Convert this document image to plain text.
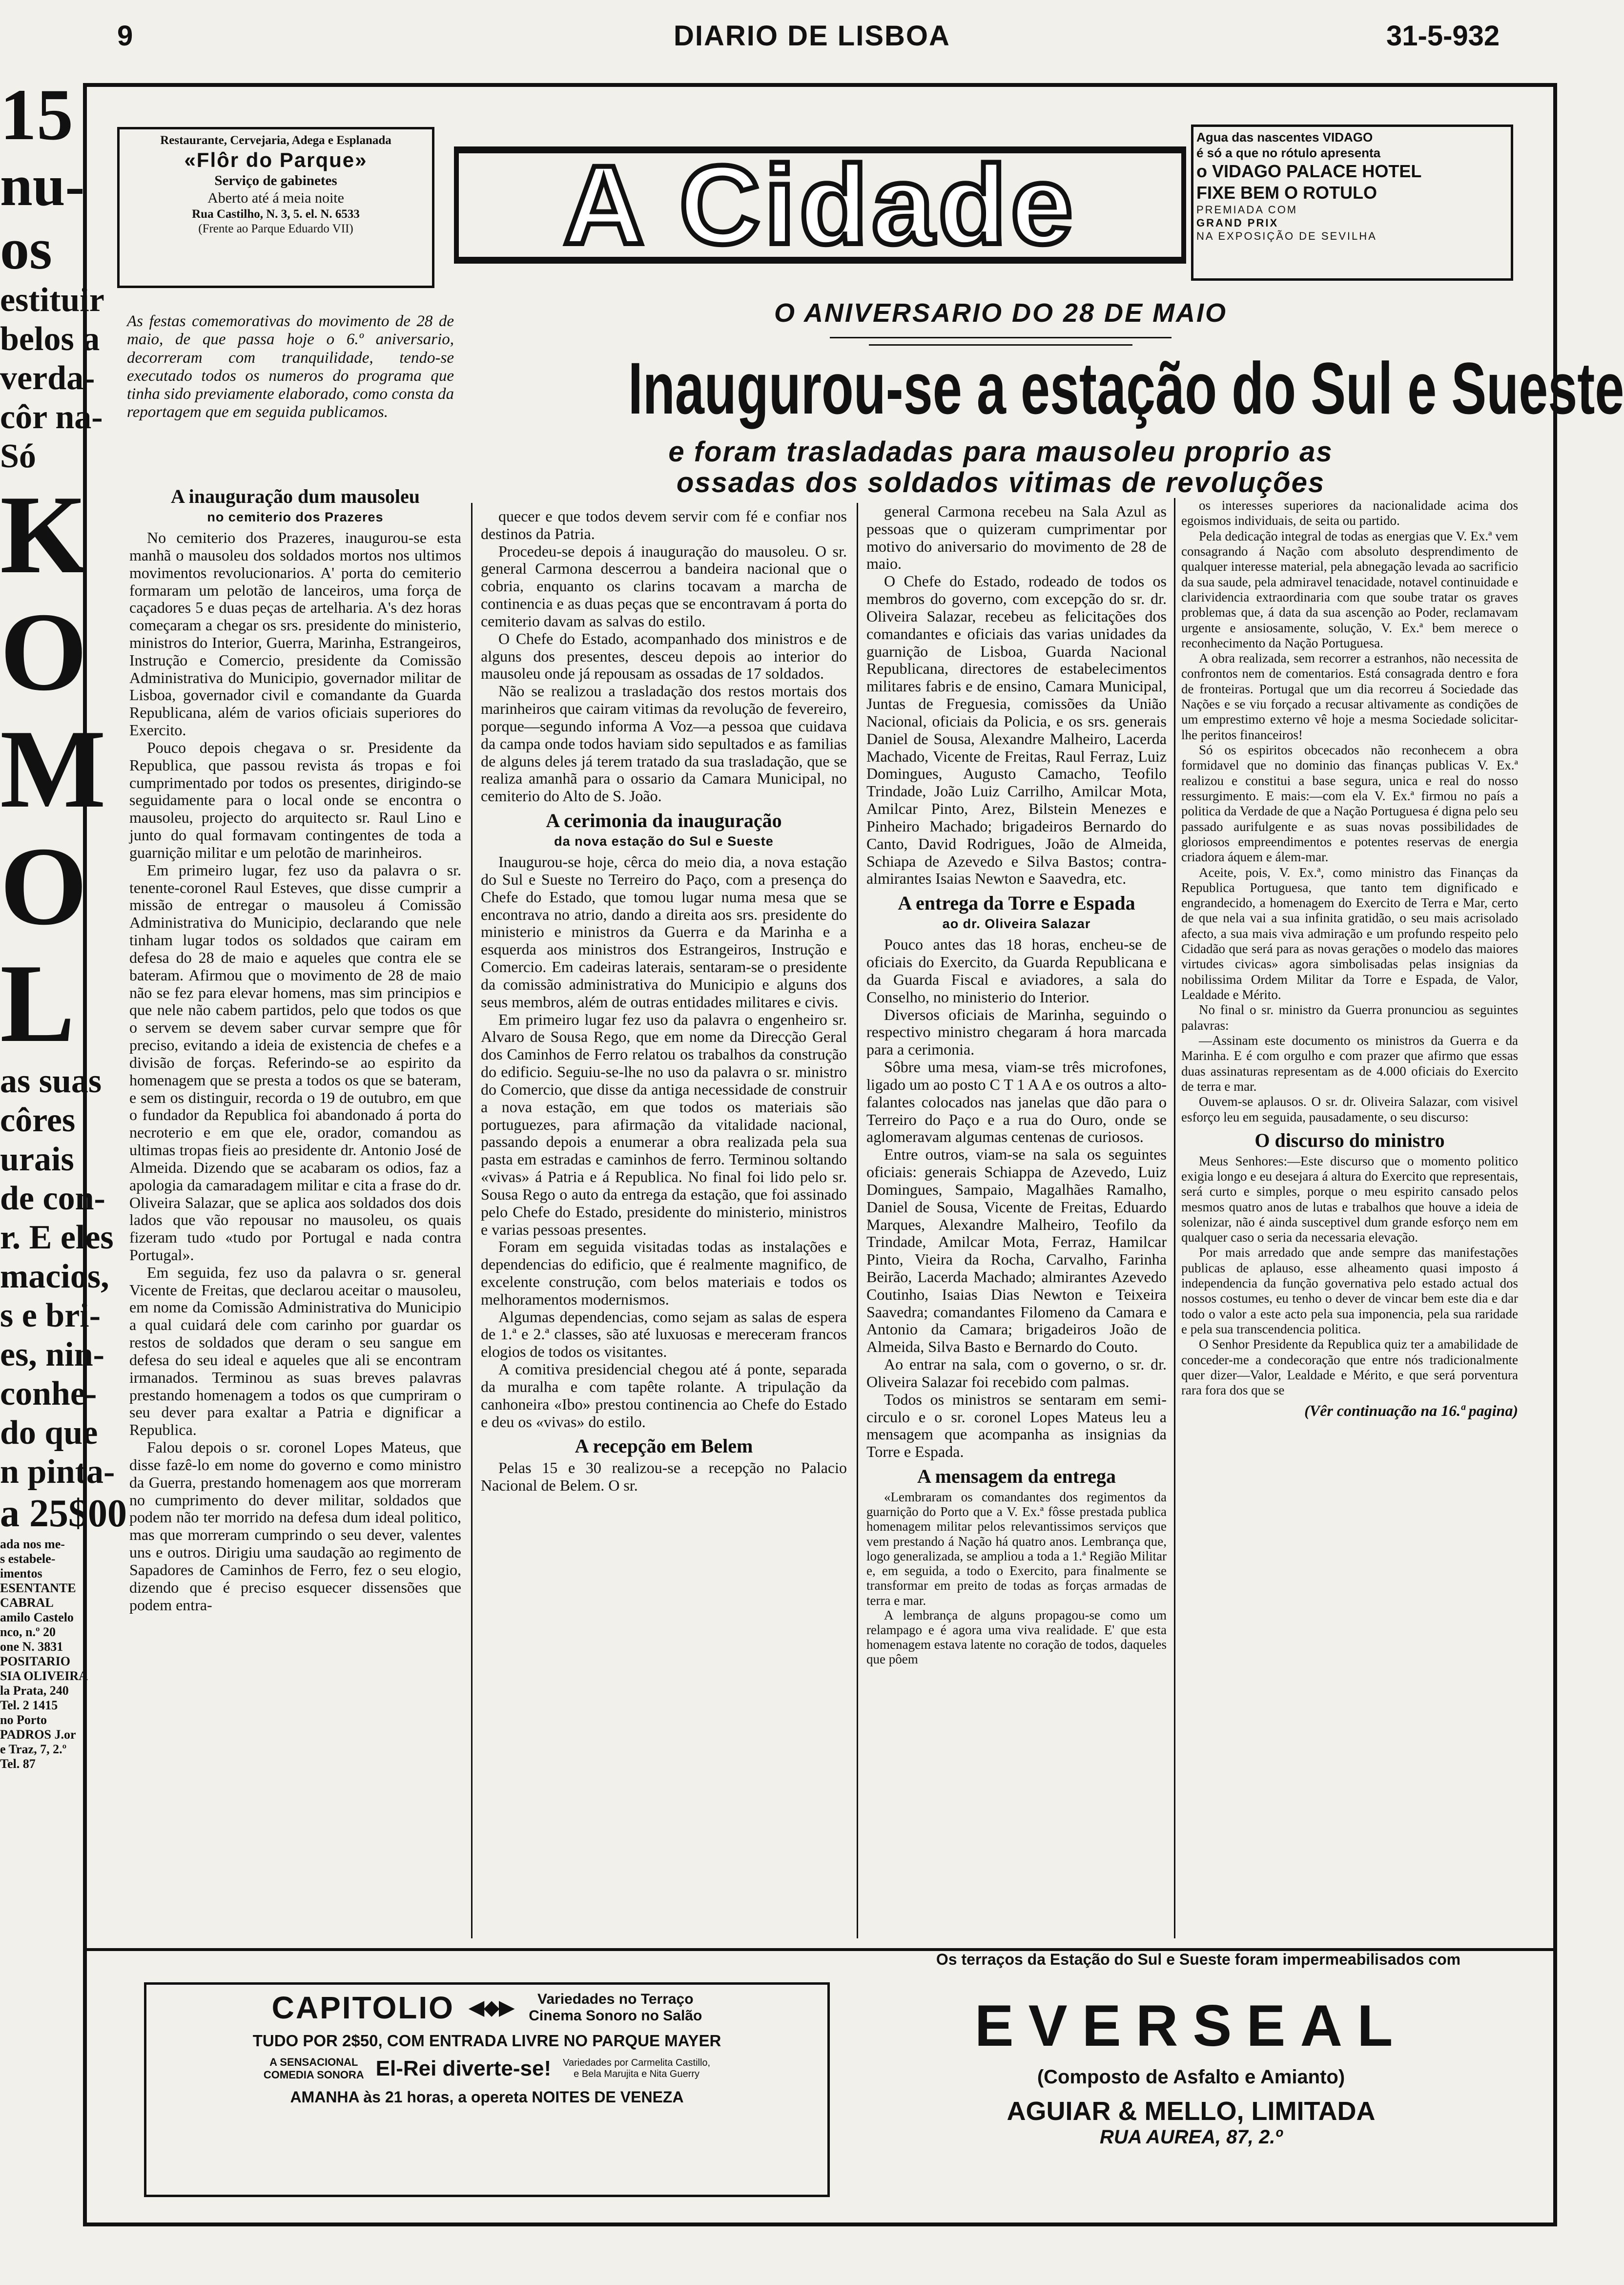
9	DIARIO DE LISBOA	31-5-932
15
nu-
os
estituir
belos a
verda-
côr na-
Só
K
O
M
O
L
as suas
côres
urais
de con-
r. E eles
macios,
s e bri-
es, nin-
conhe-
do que
n pinta-
a 25$00
ada nos me-
s estabele-
imentos
ESENTANTE
CABRAL
amilo Castelo
nco, n.º 20
one N. 3831
POSITARIO
SIA OLIVEIRA
la Prata, 240
Tel. 2 1415
no Porto
PADROS J.or
e Traz, 7, 2.º
Tel. 87
Restaurante, Cervejaria, Adega e Esplanada
«Flôr do Parque»
Serviço de gabinetes
Aberto até á meia noite
Rua Castilho, N. 3, 5. el. N. 6533
(Frente ao Parque Eduardo VII)	A Cidade
Agua das nascentes VIDAGO
é só a que no rótulo apresenta
o VIDAGO PALACE HOTEL
FIXE BEM O ROTULO
PREMIADA COM
GRAND PRIX
NA EXPOSIÇÃO DE SEVILHA
As festas comemorativas do movimento de 28 de maio, de que passa hoje o 6.º aniversario, decorreram com tranquilidade, tendo-se executado todos os numeros do programa que tinha sido previamente elaborado, como consta da reportagem que em seguida publicamos.
O ANIVERSARIO DO 28 DE MAIO
Inaugurou-se a estação do Sul e Sueste
e foram trasladadas para mausoleu proprio as
ossadas dos soldados vitimas de revoluções
A inauguração dum mausoleu
no cemiterio dos Prazeres

No cemiterio dos Prazeres, inaugurou-se esta manhã o mausoleu dos soldados mortos nos ultimos movimentos revolucionarios. A' porta do cemiterio formaram um pelotão de lanceiros, uma força de caçadores 5 e duas peças de artelharia. A's dez horas começaram a chegar os srs. presidente do ministerio, ministros do Interior, Guerra, Marinha, Estrangeiros, Instrução e Comercio, presidente da Comissão Administrativa do Municipio, governador militar de Lisboa, governador civil e comandante da Guarda Republicana, além de varios oficiais superiores do Exercito.

Pouco depois chegava o sr. Presidente da Republica, que passou revista ás tropas e foi cumprimentado por todos os presentes, dirigindo-se seguidamente para o local onde se encontra o mausoleu, projecto do arquitecto sr. Raul Lino e junto do qual formavam contingentes de toda a guarnição militar e um pelotão de marinheiros.

Em primeiro lugar, fez uso da palavra o sr. tenente-coronel Raul Esteves, que disse cumprir a missão de entregar o mausoleu á Comissão Administrativa do Municipio, declarando que nele tinham lugar todos os soldados que cairam em defesa do 28 de maio e aqueles que contra ele se bateram. Afirmou que o movimento de 28 de maio não se fez para elevar homens, mas sim principios e que nele não cabem partidos, pelo que todos os que o servem se devem saber curvar sempre que fôr preciso, evitando a ideia de existencia de chefes e a divisão de forças. Referindo-se ao espirito da homenagem que se presta a todos os que se bateram, e sem os distinguir, recorda o 19 de outubro, em que o fundador da Republica foi abandonado á porta do necroterio e em que ele, orador, comandou as ultimas tropas fieis ao presidente dr. Antonio José de Almeida. Dizendo que se acabaram os odios, faz a apologia da camaradagem militar e cita a frase do dr. Oliveira Salazar, que se aplica aos soldados dos dois lados que vão repousar no mausoleu, os quais fizeram tudo «tudo por Portugal e nada contra Portugal».

Em seguida, fez uso da palavra o sr. general Vicente de Freitas, que declarou aceitar o mausoleu, em nome da Comissão Administrativa do Municipio a qual cuidará dele com carinho por guardar os restos de soldados que deram o seu sangue em defesa do seu ideal e aqueles que ali se encontram irmanados. Terminou as suas breves palavras prestando homenagem a todos os que cumpriram o seu dever para exaltar a Patria e dignificar a Republica.

Falou depois o sr. coronel Lopes Mateus, que disse fazê-lo em nome do governo e como ministro da Guerra, prestando homenagem aos que morreram no cumprimento do dever militar, soldados que podem não ter morrido na defesa dum ideal politico, mas que morreram cumprindo o seu dever, valentes uns e outros. Dirigiu uma saudação ao regimento de Sapadores de Caminhos de Ferro, fez o seu elogio, dizendo que é preciso esquecer dissensões que podem entra-

quecer e que todos devem servir com fé e confiar nos destinos da Patria.

Procedeu-se depois á inauguração do mausoleu. O sr. general Carmona descerrou a bandeira nacional que o cobria, enquanto os clarins tocavam a marcha de continencia e as duas peças que se encontravam á porta do cemiterio davam as salvas do estilo.

O Chefe do Estado, acompanhado dos ministros e de alguns dos presentes, desceu depois ao interior do mausoleu onde já repousam as ossadas de 17 soldados.

Não se realizou a trasladação dos restos mortais dos marinheiros que cairam vitimas da revolução de fevereiro, porque—segundo informa A Voz—a pessoa que cuidava da campa onde todos haviam sido sepultados e as familias de alguns deles já terem tratado da sua trasladação, que se realiza amanhã para o ossario da Camara Municipal, no cemiterio do Alto de S. João.

A cerimonia da inauguração
da nova estação do Sul e Sueste

Inaugurou-se hoje, cêrca do meio dia, a nova estação do Sul e Sueste no Terreiro do Paço, com a presença do Chefe do Estado, que tomou lugar numa mesa que se encontrava no atrio, dando a direita aos srs. presidente do ministerio e ministros da Guerra e da Marinha e a esquerda aos ministros dos Estrangeiros, Instrução e Comercio. Em cadeiras laterais, sentaram-se o presidente da comissão administrativa do Municipio e alguns dos seus membros, além de outras entidades militares e civis.

Em primeiro lugar fez uso da palavra o engenheiro sr. Alvaro de Sousa Rego, que em nome da Direcção Geral dos Caminhos de Ferro relatou os trabalhos da construção do edificio. Seguiu-se-lhe no uso da palavra o sr. ministro do Comercio, que disse da antiga necessidade de construir a nova estação, em que todos os materiais são portuguezes, para afirmação da vitalidade nacional, passando depois a enumerar a obra realizada pela sua pasta em estradas e caminhos de ferro. Terminou soltando «vivas» á Patria e á Republica. No final foi lido pelo sr. Sousa Rego o auto da entrega da estação, que foi assinado pelo Chefe do Estado, presidente do ministerio, ministros e varias pessoas presentes.

Foram em seguida visitadas todas as instalações e dependencias do edificio, que é realmente magnifico, de excelente construção, com belos materiais e todos os melhoramentos modernismos.

Algumas dependencias, como sejam as salas de espera de 1.ª e 2.ª classes, são até luxuosas e mereceram francos elogios de todos os visitantes.

A comitiva presidencial chegou até á ponte, separada da muralha e com tapête rolante. A tripulação da canhoneira «Ibo» prestou continencia ao Chefe do Estado e deu os «vivas» do estilo.

A recepção em Belem

Pelas 15 e 30 realizou-se a recepção no Palacio Nacional de Belem. O sr.

general Carmona recebeu na Sala Azul as pessoas que o quizeram cumprimentar por motivo do aniversario do movimento de 28 de maio.

O Chefe do Estado, rodeado de todos os membros do governo, com excepção do sr. dr. Oliveira Salazar, recebeu as felicitações dos comandantes e oficiais das varias unidades da guarnição de Lisboa, Guarda Nacional Republicana, directores de estabelecimentos militares fabris e de ensino, Camara Municipal, Juntas de Freguesia, comissões da União Nacional, oficiais da Policia, e os srs. generais Daniel de Sousa, Alexandre Malheiro, Lacerda Machado, Vicente de Freitas, Raul Ferraz, Luiz Domingues, Augusto Camacho, Teofilo Trindade, João Luiz Carrilho, Amilcar Mota, Amilcar Pinto, Arez, Bilstein Menezes e Pinheiro Machado; brigadeiros Bernardo do Canto, David Rodrigues, João de Almeida, Schiapa de Azevedo e Silva Bastos; contra-almirantes Isaias Newton e Saavedra, etc.

A entrega da Torre e Espada
ao dr. Oliveira Salazar

Pouco antes das 18 horas, encheu-se de oficiais do Exercito, da Guarda Republicana e da Guarda Fiscal e aviadores, a sala do Conselho, no ministerio do Interior.

Diversos oficiais de Marinha, seguindo o respectivo ministro chegaram á hora marcada para a cerimonia.

Sôbre uma mesa, viam-se três microfones, ligado um ao posto C T 1 A A e os outros a alto-falantes colocados nas janelas que dão para o Terreiro do Paço e a rua do Ouro, onde se aglomeravam algumas centenas de curiosos.

Entre outros, viam-se na sala os seguintes oficiais: generais Schiappa de Azevedo, Luiz Domingues, Sampaio, Magalhães Ramalho, Daniel de Sousa, Vicente de Freitas, Eduardo Marques, Alexandre Malheiro, Teofilo da Trindade, Amilcar Mota, Ferraz, Hamilcar Pinto, Vieira da Rocha, Carvalho, Farinha Beirão, Lacerda Machado; almirantes Azevedo Coutinho, Isaias Dias Newton e Teixeira Saavedra; comandantes Filomeno da Camara e Antonio da Camara; brigadeiros João de Almeida, Silva Basto e Bernardo do Couto.

Ao entrar na sala, com o governo, o sr. dr. Oliveira Salazar foi recebido com palmas.

Todos os ministros se sentaram em semi-circulo e o sr. coronel Lopes Mateus leu a mensagem que acompanha as insignias da Torre e Espada.

A mensagem da entrega

«Lembraram os comandantes dos regimentos da guarnição do Porto que a V. Ex.ª fôsse prestada publica homenagem militar pelos relevantissimos serviços que vem prestando á Nação há quatro anos. Lembrança que, logo generalizada, se ampliou a toda a 1.ª Região Militar e, em seguida, a todo o Exercito, para finalmente se transformar em preito de todas as forças armadas de terra e mar.

A lembrança de alguns propagou-se como um relampago e é agora uma viva realidade. E' que esta homenagem estava latente no coração de todos, daqueles que pôem

os interesses superiores da nacionalidade acima dos egoismos individuais, de seita ou partido.

Pela dedicação integral de todas as energias que V. Ex.ª vem consagrando á Nação com absoluto desprendimento de qualquer interesse material, pela abnegação levada ao sacrificio da sua saude, pela admiravel tenacidade, notavel continuidade e clarividencia extraordinaria com que soube tratar os graves problemas que, á data da sua ascenção ao Poder, reclamavam urgente e ansiosamente, solução, V. Ex.ª bem merece o reconhecimento da Nação Portuguesa.

A obra realizada, sem recorrer a estranhos, não necessita de confrontos nem de comentarios. Está consagrada dentro e fora de fronteiras. Portugal que um dia recorreu á Sociedade das Nações e se viu forçado a recusar altivamente as condições de um emprestimo externo vê hoje a mesma Sociedade solicitar-lhe peritos financeiros!

Só os espiritos obcecados não reconhecem a obra formidavel que no dominio das finanças publicas V. Ex.ª realizou e constitui a base segura, unica e real do nosso ressurgimento. E mais:—com ela V. Ex.ª firmou no país a politica da Verdade de que a Nação Portuguesa é digna pelo seu passado aurifulgente e as suas novas possibilidades de gloriosos empreendimentos e potentes reservas de energia criadora áquem e álem-mar.

Aceite, pois, V. Ex.ª, como ministro das Finanças da Republica Portuguesa, que tanto tem dignificado e engrandecido, a homenagem do Exercito de Terra e Mar, certo de que nela vai a sua infinita gratidão, o seu mais acrisolado afecto, a sua mais viva admiração e um profundo respeito pelo Cidadão que será para as novas gerações o modelo das maiores virtudes civicas» agora simbolisadas pelas insignias da nobilissima Ordem Militar da Torre e Espada, de Valor, Lealdade e Mérito.

No final o sr. ministro da Guerra pronunciou as seguintes palavras:

—Assinam este documento os ministros da Guerra e da Marinha. E é com orgulho e com prazer que afirmo que essas duas assinaturas representam as de 4.000 oficiais do Exercito de terra e mar.

Ouvem-se aplausos. O sr. dr. Oliveira Salazar, com visivel esforço leu em seguida, pausadamente, o seu discurso:

O discurso do ministro

Meus Senhores:—Este discurso que o momento politico exigia longo e eu desejara á altura do Exercito que representais, será curto e simples, porque o meu espirito cansado pelos mesmos quatro anos de lutas e trabalhos que houve a ideia de solenizar, não é ainda susceptivel dum grande esforço nem em qualquer caso o seria da necessaria elevação.

Por mais arredado que ande sempre das manifestações publicas de aplauso, esse alheamento quasi imposto á independencia da função governativa pelo estado actual dos nossos costumes, eu tenho o dever de vincar bem este dia e dar todo o valor a este acto pela sua imponencia, pela sua raridade e pela sua transcendencia politica.

O Senhor Presidente da Republica quiz ter a amabilidade de conceder-me a condecoração que entre nós tradicionalmente quer dizer—Valor, Lealdade e Mérito, e que será porventura rara fora dos que se

(Vêr continuação na 16.ª pagina)
Os terraços da Estação do Sul e Sueste foram impermeabilisados com
CAPITOLIO ◀◆▶	Variedades no Terraço
Cinema Sonoro no Salão
TUDO POR 2$50, COM ENTRADA LIVRE NO PARQUE MAYER
A SENSACIONAL
COMEDIA SONORA El-Rei diverte-se! Variedades por Carmelita Castillo,
e Bela Marujita e Nita Guerry
AMANHA às 21 horas, a opereta NOITES DE VENEZA
EVERSEAL
(Composto de Asfalto e Amianto)
AGUIAR & MELLO, LIMITADA
RUA AUREA, 87, 2.º
